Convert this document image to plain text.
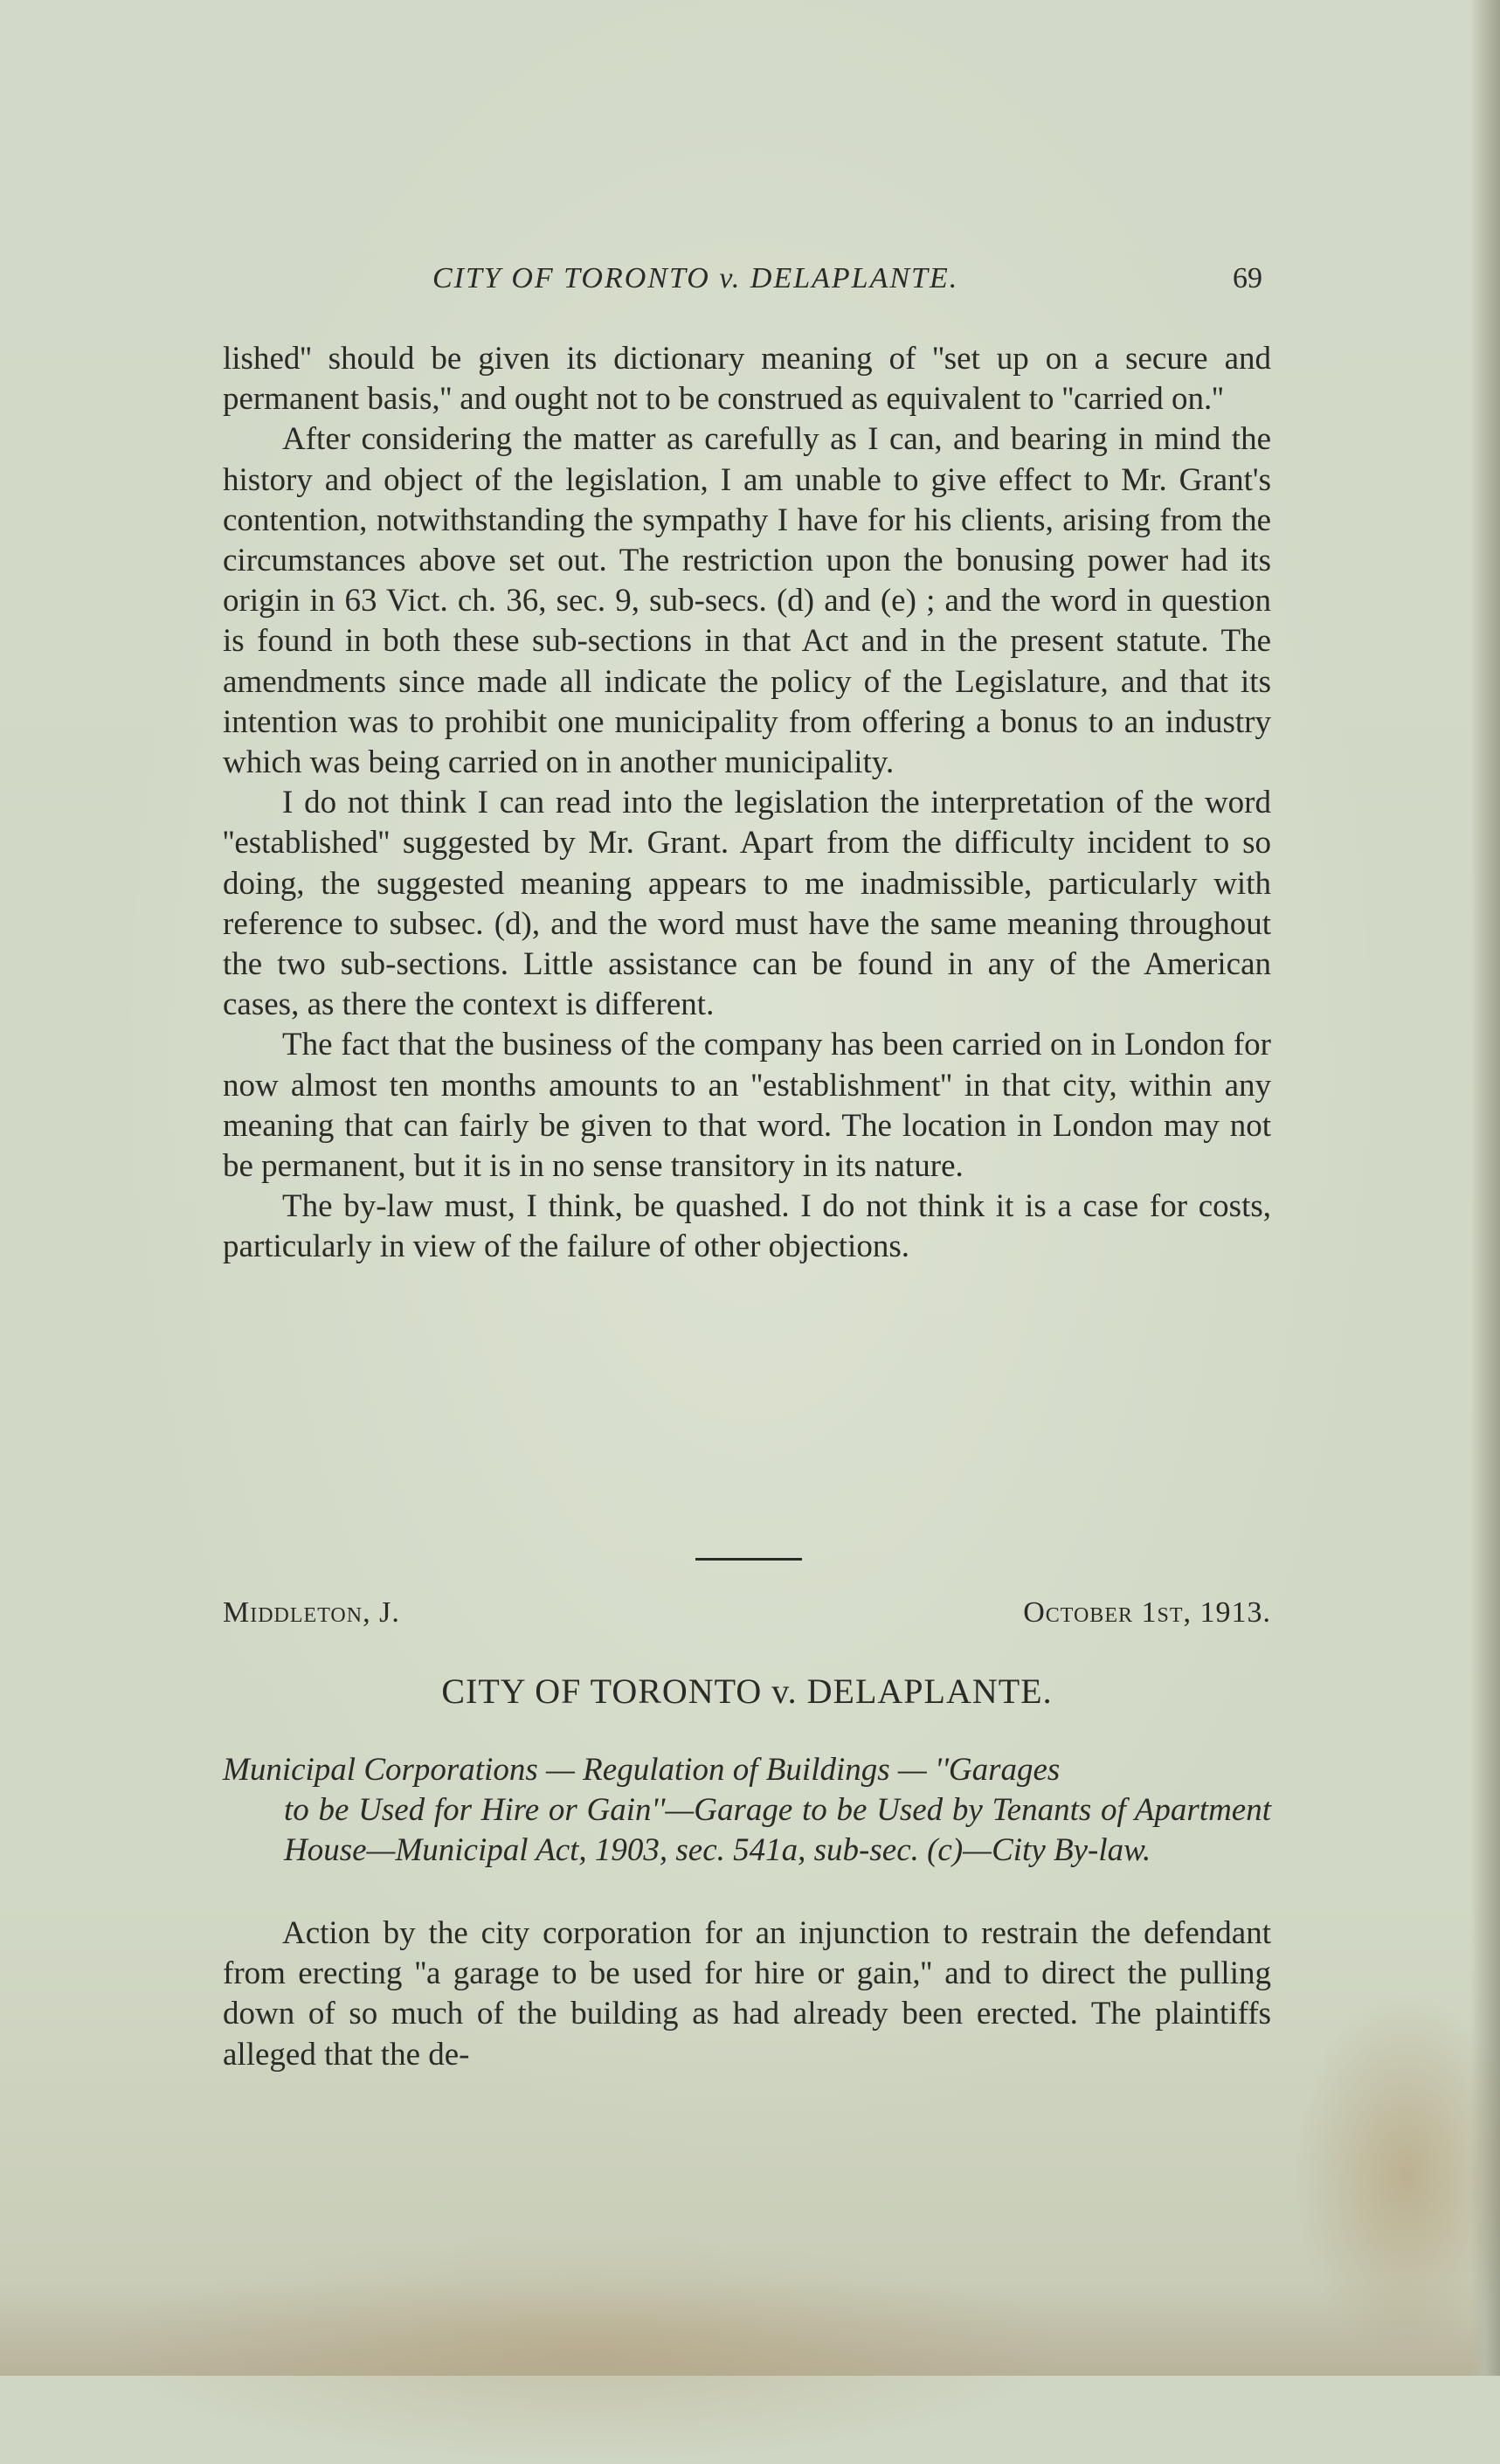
CITY OF TORONTO v. DELAPLANTE.	69

lished'' should be given its dictionary meaning of ''set up on a secure and permanent basis,'' and ought not to be construed as equivalent to ''carried on.''

After considering the matter as carefully as I can, and bearing in mind the history and object of the legislation, I am unable to give effect to Mr. Grant's contention, notwithstanding the sympathy I have for his clients, arising from the circumstances above set out. The restriction upon the bonusing power had its origin in 63 Vict. ch. 36, sec. 9, sub-secs. (d) and (e) ; and the word in question is found in both these sub-sections in that Act and in the present statute. The amendments since made all indicate the policy of the Legislature, and that its intention was to prohibit one municipality from offering a bonus to an industry which was being carried on in another municipality.

I do not think I can read into the legislation the interpretation of the word ''established'' suggested by Mr. Grant. Apart from the difficulty incident to so doing, the suggested meaning appears to me inadmissible, particularly with reference to subsec. (d), and the word must have the same meaning throughout the two sub-sections. Little assistance can be found in any of the American cases, as there the context is different.

The fact that the business of the company has been carried on in London for now almost ten months amounts to an ''establishment'' in that city, within any meaning that can fairly be given to that word. The location in London may not be permanent, but it is in no sense transitory in its nature.

The by-law must, I think, be quashed. I do not think it is a case for costs, particularly in view of the failure of other objections.

Middleton, J.	October 1st, 1913.
CITY OF TORONTO v. DELAPLANTE.
Municipal Corporations — Regulation of Buildings — ''Garages
to be Used for Hire or Gain''—Garage to be Used by Tenants of Apartment House—Municipal Act, 1903, sec. 541a, sub-sec. (c)—City By-law.

Action by the city corporation for an injunction to restrain the defendant from erecting ''a garage to be used for hire or gain,'' and to direct the pulling down of so much of the building as had already been erected. The plaintiffs alleged that the de-
